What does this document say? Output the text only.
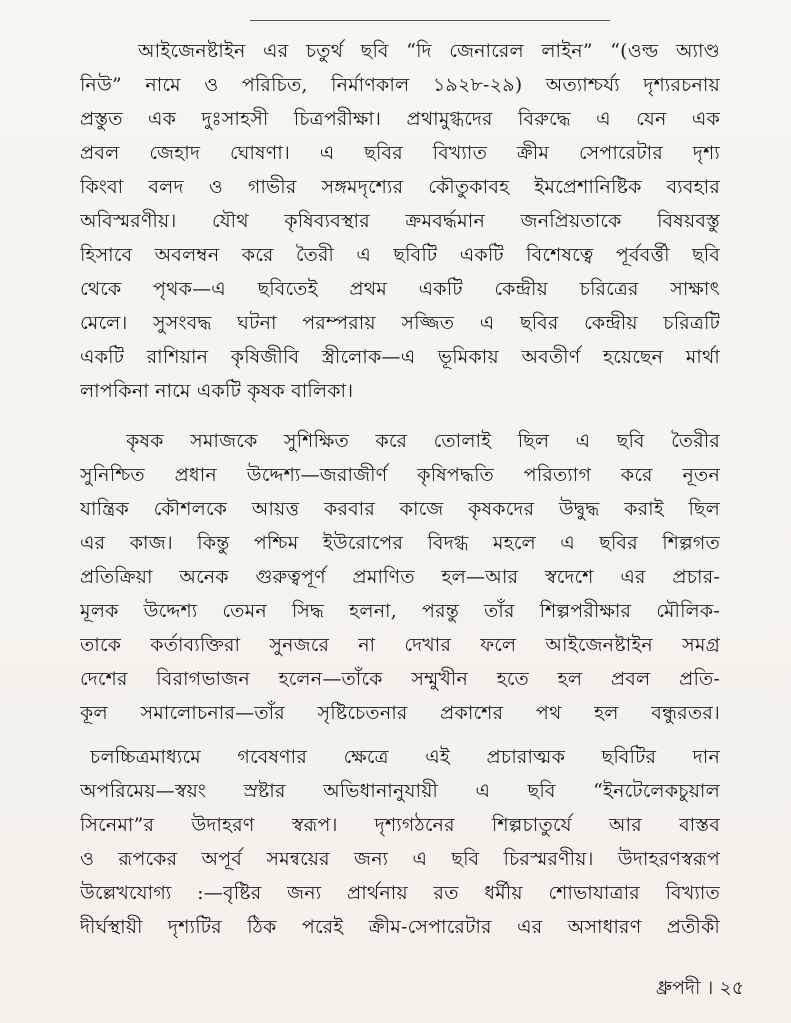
আইজেনষ্টাইন এর চতুর্থ ছবি “দি জেনারেল লাইন” “(ওল্ড অ্যাণ্ড
নিউ” নামে ও পরিচিত, নির্মাণকাল ১৯২৮-২৯) অত্যাশ্চর্য্য দৃশ্যরচনায়
প্রস্তুত এক দুঃসাহসী চিত্রপরীক্ষা। প্রথামুগ্ধদের বিরুদ্ধে এ যেন এক
প্রবল জেহাদ ঘোষণা। এ ছবির বিখ্যাত ক্রীম সেপারেটার দৃশ্য
কিংবা বলদ ও গাভীর সঙ্গমদৃশ্যের কৌতুকাবহ ইমপ্রেশানিষ্টিক ব্যবহার
অবিস্মরণীয়। যৌথ কৃষিব্যবস্থার ক্রমবর্দ্ধমান জনপ্রিয়তাকে বিষয়বস্তু
হিসাবে অবলম্বন করে তৈরী এ ছবিটি একটি বিশেষত্বে পূর্ববর্ত্তী ছবি
থেকে পৃথক—এ ছবিতেই প্রথম একটি কেন্দ্রীয় চরিত্রের সাক্ষাৎ
মেলে। সুসংবদ্ধ ঘটনা পরম্পরায় সজ্জিত এ ছবির কেন্দ্রীয় চরিত্রটি
একটি রাশিয়ান কৃষিজীবি স্ত্রীলোক—এ ভূমিকায় অবতীর্ণ হয়েছেন মার্থা
লাপকিনা নামে একটি কৃষক বালিকা।
কৃষক সমাজকে সুশিক্ষিত করে তোলাই ছিল এ ছবি তৈরীর
সুনিশ্চিত প্রধান উদ্দেশ্য—জরাজীর্ণ কৃষিপদ্ধতি পরিত্যাগ করে নূতন
যান্ত্রিক কৌশলকে আয়ত্ত করবার কাজে কৃষকদের উদ্বুদ্ধ করাই ছিল
এর কাজ। কিন্তু পশ্চিম ইউরোপের বিদগ্ধ মহলে এ ছবির শিল্পগত
প্রতিক্রিয়া অনেক গুরুত্বপূর্ণ প্রমাণিত হল—আর স্বদেশে এর প্রচার-
মূলক উদ্দেশ্য তেমন সিদ্ধ হলনা, পরন্তু তাঁর শিল্পপরীক্ষার মৌলিক-
তাকে কর্তাব্যক্তিরা সুনজরে না দেখার ফলে আইজেনষ্টাইন সমগ্র
দেশের বিরাগভাজন হলেন—তাঁকে সম্মুখীন হতে হল প্রবল প্রতি-
কূল সমালোচনার—তাঁর সৃষ্টিচেতনার প্রকাশের পথ হল বন্ধুরতর।
চলচ্চিত্রমাধ্যমে গবেষণার ক্ষেত্রে এই প্রচারাত্মক ছবিটির দান
অপরিমেয়—স্বয়ং স্রষ্টার অভিধানানুযায়ী এ ছবি “ইনটেলেকচুয়াল
সিনেমা”র উদাহরণ স্বরূপ। দৃশ্যগঠনের শিল্পচাতুর্যে আর বাস্তব
ও রূপকের অপূর্ব সমন্বয়ের জন্য এ ছবি চিরস্মরণীয়। উদাহরণস্বরূপ
উল্লেখযোগ্য :—বৃষ্টির জন্য প্রার্থনায় রত ধর্মীয় শোভাযাত্রার বিখ্যাত
দীর্ঘস্থায়ী দৃশ্যটির ঠিক পরেই ক্রীম-সেপারেটার এর অসাধারণ প্রতীকী
ধ্রুপদী । ২৫
